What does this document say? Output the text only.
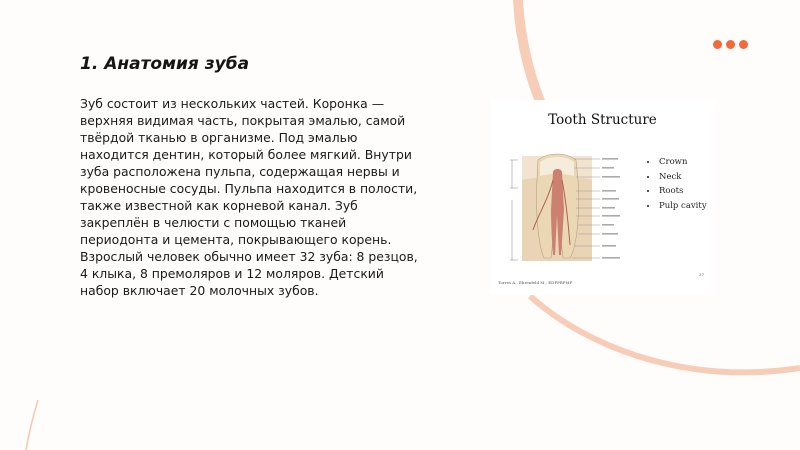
1. Анатомия зуба

Зуб состоит из нескольких частей. Коронка — верхняя видимая часть, покрытая эмалью, самой твёрдой тканью в организме. Под эмалью находится дентин, который более мягкий. Внутри зуба расположена пульпа, содержащая нервы и кровеносные сосуды. Пульпа находится в полости, также известной как корневой канал. Зуб закреплён в челюсти с помощью тканей периодонта и цемента, покрывающего корень. Взрослый человек обычно имеет 32 зуба: 8 резцов, 4 клыка, 8 премоляров и 12 моляров. Детский набор включает 20 молочных зубов.

Tooth Structure
• Crown
• Neck
• Roots
• Pulp cavity
Torres A., Ehrenfeld M., EDFPRPMP
37
